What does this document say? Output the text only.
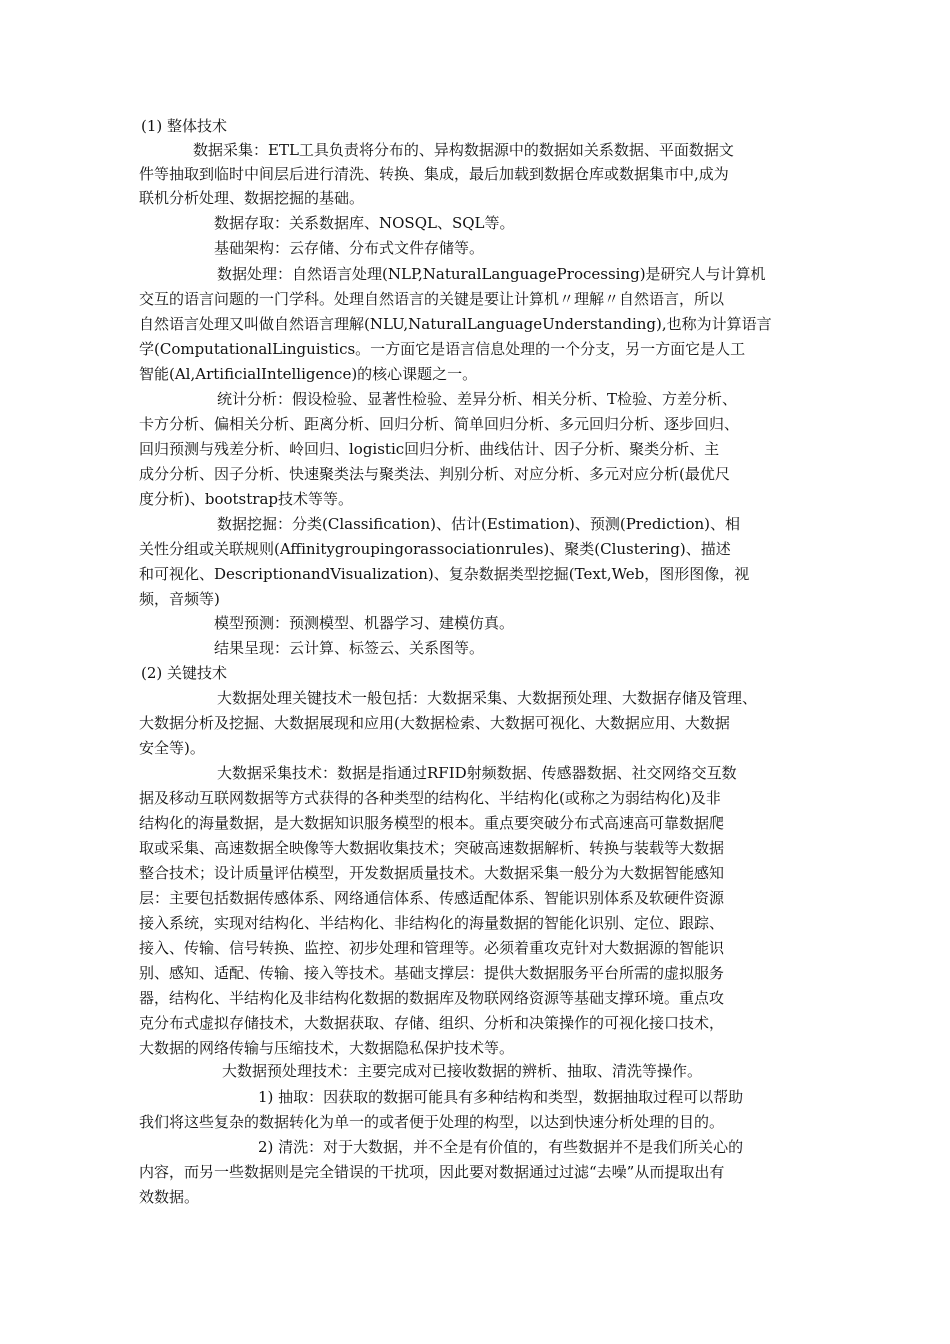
(1) 整体技术

数据采集：ETL工具负责将分布的、异构数据源中的数据如关系数据、平面数据文

件等抽取到临时中间层后进行清洗、转换、集成，最后加载到数据仓库或数据集市中,成为

联机分析处理、数据挖掘的基础。

数据存取：关系数据库、NOSQL、SQL等。

基础架构：云存储、分布式文件存储等。

数据处理：自然语言处理(NLP,NaturalLanguageProcessing)是研究人与计算机

交互的语言问题的一门学科。处理自然语言的关键是要让计算机〃理解〃自然语言，所以

自然语言处理又叫做自然语言理解(NLU,NaturalLanguageUnderstanding),也称为计算语言

学(ComputationalLinguistics。一方面它是语言信息处理的一个分支，另一方面它是人工

智能(Al,ArtificialIntelligence)的核心课题之一。

统计分析：假设检验、显著性检验、差异分析、相关分析、T检验、方差分析、

卡方分析、偏相关分析、距离分析、回归分析、简单回归分析、多元回归分析、逐步回归、

回归预测与残差分析、岭回归、logistic回归分析、曲线估计、因子分析、聚类分析、主

成分分析、因子分析、快速聚类法与聚类法、判别分析、对应分析、多元对应分析(最优尺

度分析)、bootstrap技术等等。

数据挖掘：分类(Classification)、估计(Estimation)、预测(Prediction)、相

关性分组或关联规则(Affinitygroupingorassociationrules)、聚类(Clustering)、描述

和可视化、DescriptionandVisualization)、复杂数据类型挖掘(Text,Web，图形图像，视

频，音频等)

模型预测：预测模型、机器学习、建模仿真。

结果呈现：云计算、标签云、关系图等。

(2) 关键技术

大数据处理关键技术一般包括：大数据采集、大数据预处理、大数据存储及管理、

大数据分析及挖掘、大数据展现和应用(大数据检索、大数据可视化、大数据应用、大数据

安全等)。

大数据采集技术：数据是指通过RFID射频数据、传感器数据、社交网络交互数

据及移动互联网数据等方式获得的各种类型的结构化、半结构化(或称之为弱结构化)及非

结构化的海量数据，是大数据知识服务模型的根本。重点要突破分布式高速高可靠数据爬

取或采集、高速数据全映像等大数据收集技术；突破高速数据解析、转换与装载等大数据

整合技术；设计质量评估模型，开发数据质量技术。大数据采集一般分为大数据智能感知

层：主要包括数据传感体系、网络通信体系、传感适配体系、智能识别体系及软硬件资源

接入系统，实现对结构化、半结构化、非结构化的海量数据的智能化识别、定位、跟踪、

接入、传输、信号转换、监控、初步处理和管理等。必须着重攻克针对大数据源的智能识

别、感知、适配、传输、接入等技术。基础支撑层：提供大数据服务平台所需的虚拟服务

器，结构化、半结构化及非结构化数据的数据库及物联网络资源等基础支撑环境。重点攻

克分布式虚拟存储技术，大数据获取、存储、组织、分析和决策操作的可视化接口技术，

大数据的网络传输与压缩技术，大数据隐私保护技术等。

大数据预处理技术：主要完成对已接收数据的辨析、抽取、清洗等操作。

1) 抽取：因获取的数据可能具有多种结构和类型，数据抽取过程可以帮助

我们将这些复杂的数据转化为单一的或者便于处理的构型，以达到快速分析处理的目的。

2) 清洗：对于大数据，并不全是有价值的，有些数据并不是我们所关心的

内容，而另一些数据则是完全错误的干扰项，因此要对数据通过过滤“去噪”从而提取出有

效数据。
